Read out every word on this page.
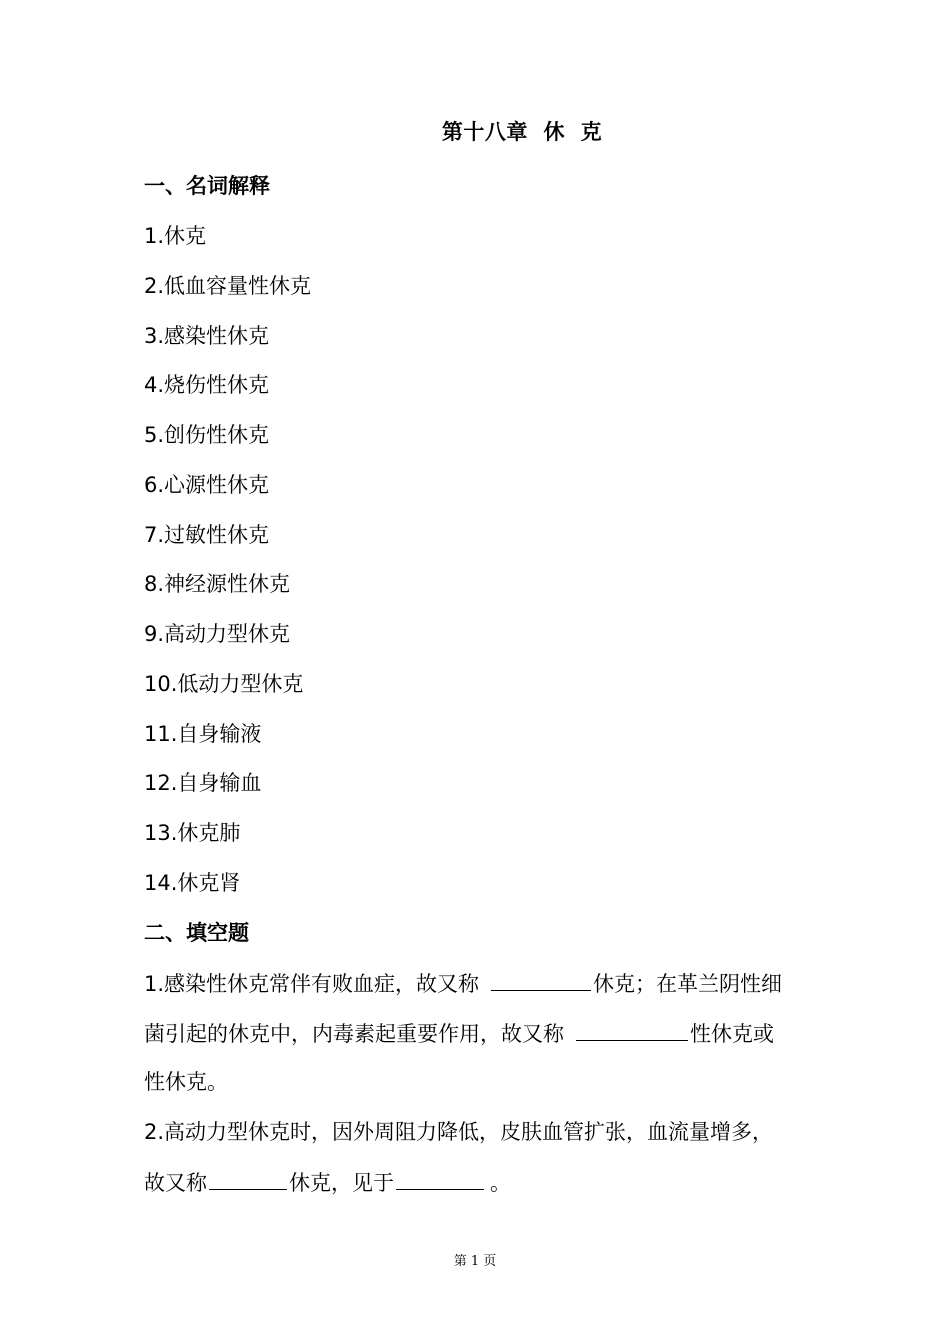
第十八章  休  克
一、名词解释
1.休克
2.低血容量性休克
3.感染性休克
4.烧伤性休克
5.创伤性休克
6.心源性休克
7.过敏性休克
8.神经源性休克
9.高动力型休克
10.低动力型休克
11.自身输液
12.自身输血
13.休克肺
14.休克肾
二、填空题
1.感染性休克常伴有败血症，故又称	休克；在革兰阴性细
菌引起的休克中，内毒素起重要作用，故又称	性休克或
性休克。
2.高动力型休克时，因外周阻力降低，皮肤血管扩张，血流量增多，
故又称	休克，见于	。
第 1 页
